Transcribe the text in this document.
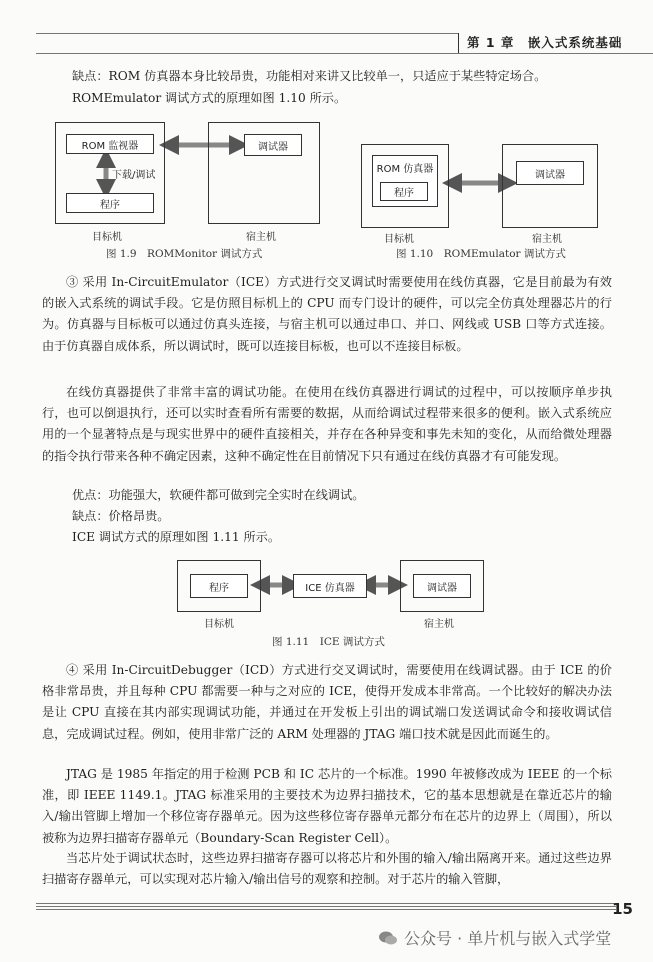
第 1 章　嵌入式系统基础
缺点：ROM 仿真器本身比较昂贵，功能相对来讲又比较单一，只适应于某些特定场合。
ROMEmulator 调试方式的原理如图 1.10 所示。
ROM 监视器
下载/调试
程序
调试器
目标机	宿主机
图 1.9　ROMMonitor 调试方式
ROM 仿真器
程序
调试器
目标机	宿主机
图 1.10　ROMEmulator 调试方式

③ 采用 In-CircuitEmulator（ICE）方式进行交叉调试时需要使用在线仿真器，它是目前最为有效的嵌入式系统的调试手段。它是仿照目标机上的 CPU 而专门设计的硬件，可以完全仿真处理器芯片的行为。仿真器与目标板可以通过仿真头连接，与宿主机可以通过串口、并口、网线或 USB 口等方式连接。由于仿真器自成体系，所以调试时，既可以连接目标板，也可以不连接目标板。

在线仿真器提供了非常丰富的调试功能。在使用在线仿真器进行调试的过程中，可以按顺序单步执行，也可以倒退执行，还可以实时查看所有需要的数据，从而给调试过程带来很多的便利。嵌入式系统应用的一个显著特点是与现实世界中的硬件直接相关，并存在各种异变和事先未知的变化，从而给微处理器的指令执行带来各种不确定因素，这种不确定性在目前情况下只有通过在线仿真器才有可能发现。

优点：功能强大，软硬件都可做到完全实时在线调试。
缺点：价格昂贵。
ICE 调试方式的原理如图 1.11 所示。
程序	ICE 仿真器	调试器
目标机	宿主机
图 1.11　ICE 调试方式

④ 采用 In-CircuitDebugger（ICD）方式进行交叉调试时，需要使用在线调试器。由于 ICE 的价格非常昂贵，并且每种 CPU 都需要一种与之对应的 ICE，使得开发成本非常高。一个比较好的解决办法是让 CPU 直接在其内部实现调试功能，并通过在开发板上引出的调试端口发送调试命令和接收调试信息，完成调试过程。例如，使用非常广泛的 ARM 处理器的 JTAG 端口技术就是因此而诞生的。

JTAG 是 1985 年指定的用于检测 PCB 和 IC 芯片的一个标准。1990 年被修改成为 IEEE 的一个标准，即 IEEE 1149.1。JTAG 标准采用的主要技术为边界扫描技术，它的基本思想就是在靠近芯片的输入/输出管脚上增加一个移位寄存器单元。因为这些移位寄存器单元都分布在芯片的边界上（周围），所以被称为边界扫描寄存器单元（Boundary-Scan Register Cell）。

当芯片处于调试状态时，这些边界扫描寄存器可以将芯片和外围的输入/输出隔离开来。通过这些边界扫描寄存器单元，可以实现对芯片输入/输出信号的观察和控制。对于芯片的输入管脚，

15
公众号 · 单片机与嵌入式学堂
